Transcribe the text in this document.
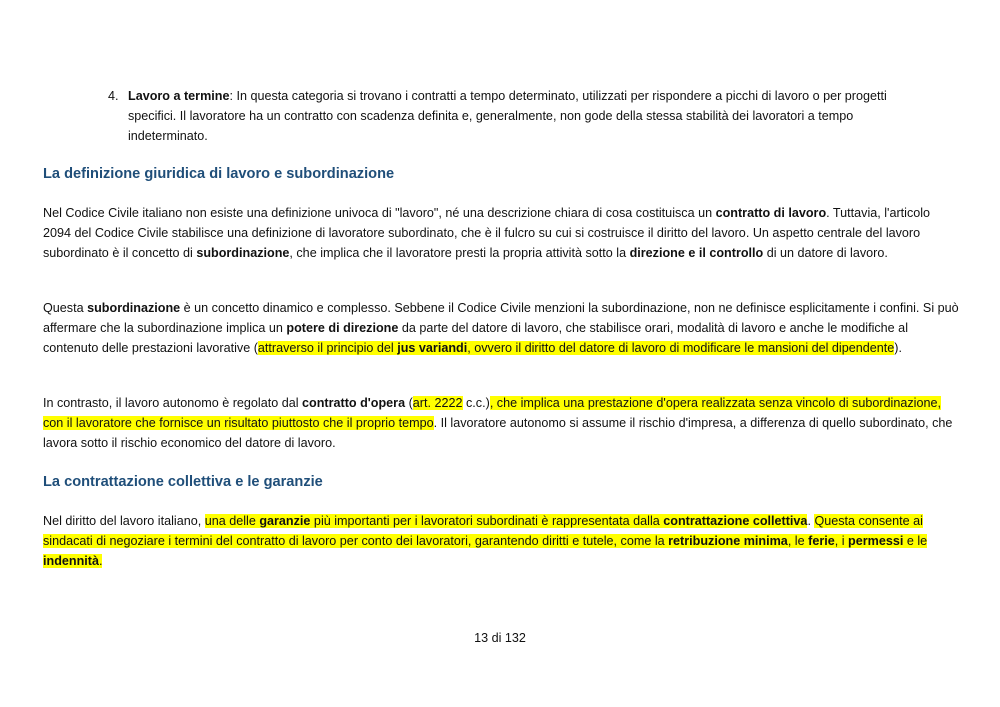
4. Lavoro a termine: In questa categoria si trovano i contratti a tempo determinato, utilizzati per rispondere a picchi di lavoro o per progetti specifici. Il lavoratore ha un contratto con scadenza definita e, generalmente, non gode della stessa stabilità dei lavoratori a tempo indeterminato.
La definizione giuridica di lavoro e subordinazione

Nel Codice Civile italiano non esiste una definizione univoca di "lavoro", né una descrizione chiara di cosa costituisca un contratto di lavoro. Tuttavia, l'articolo 2094 del Codice Civile stabilisce una definizione di lavoratore subordinato, che è il fulcro su cui si costruisce il diritto del lavoro. Un aspetto centrale del lavoro subordinato è il concetto di subordinazione, che implica che il lavoratore presti la propria attività sotto la direzione e il controllo di un datore di lavoro.

Questa subordinazione è un concetto dinamico e complesso. Sebbene il Codice Civile menzioni la subordinazione, non ne definisce esplicitamente i confini. Si può affermare che la subordinazione implica un potere di direzione da parte del datore di lavoro, che stabilisce orari, modalità di lavoro e anche le modifiche al contenuto delle prestazioni lavorative (attraverso il principio del jus variandi, ovvero il diritto del datore di lavoro di modificare le mansioni del dipendente).

In contrasto, il lavoro autonomo è regolato dal contratto d'opera (art. 2222 c.c.), che implica una prestazione d'opera realizzata senza vincolo di subordinazione, con il lavoratore che fornisce un risultato piuttosto che il proprio tempo. Il lavoratore autonomo si assume il rischio d'impresa, a differenza di quello subordinato, che lavora sotto il rischio economico del datore di lavoro.

La contrattazione collettiva e le garanzie

Nel diritto del lavoro italiano, una delle garanzie più importanti per i lavoratori subordinati è rappresentata dalla contrattazione collettiva. Questa consente ai sindacati di negoziare i termini del contratto di lavoro per conto dei lavoratori, garantendo diritti e tutele, come la retribuzione minima, le ferie, i permessi e le indennità.

13 di 132
